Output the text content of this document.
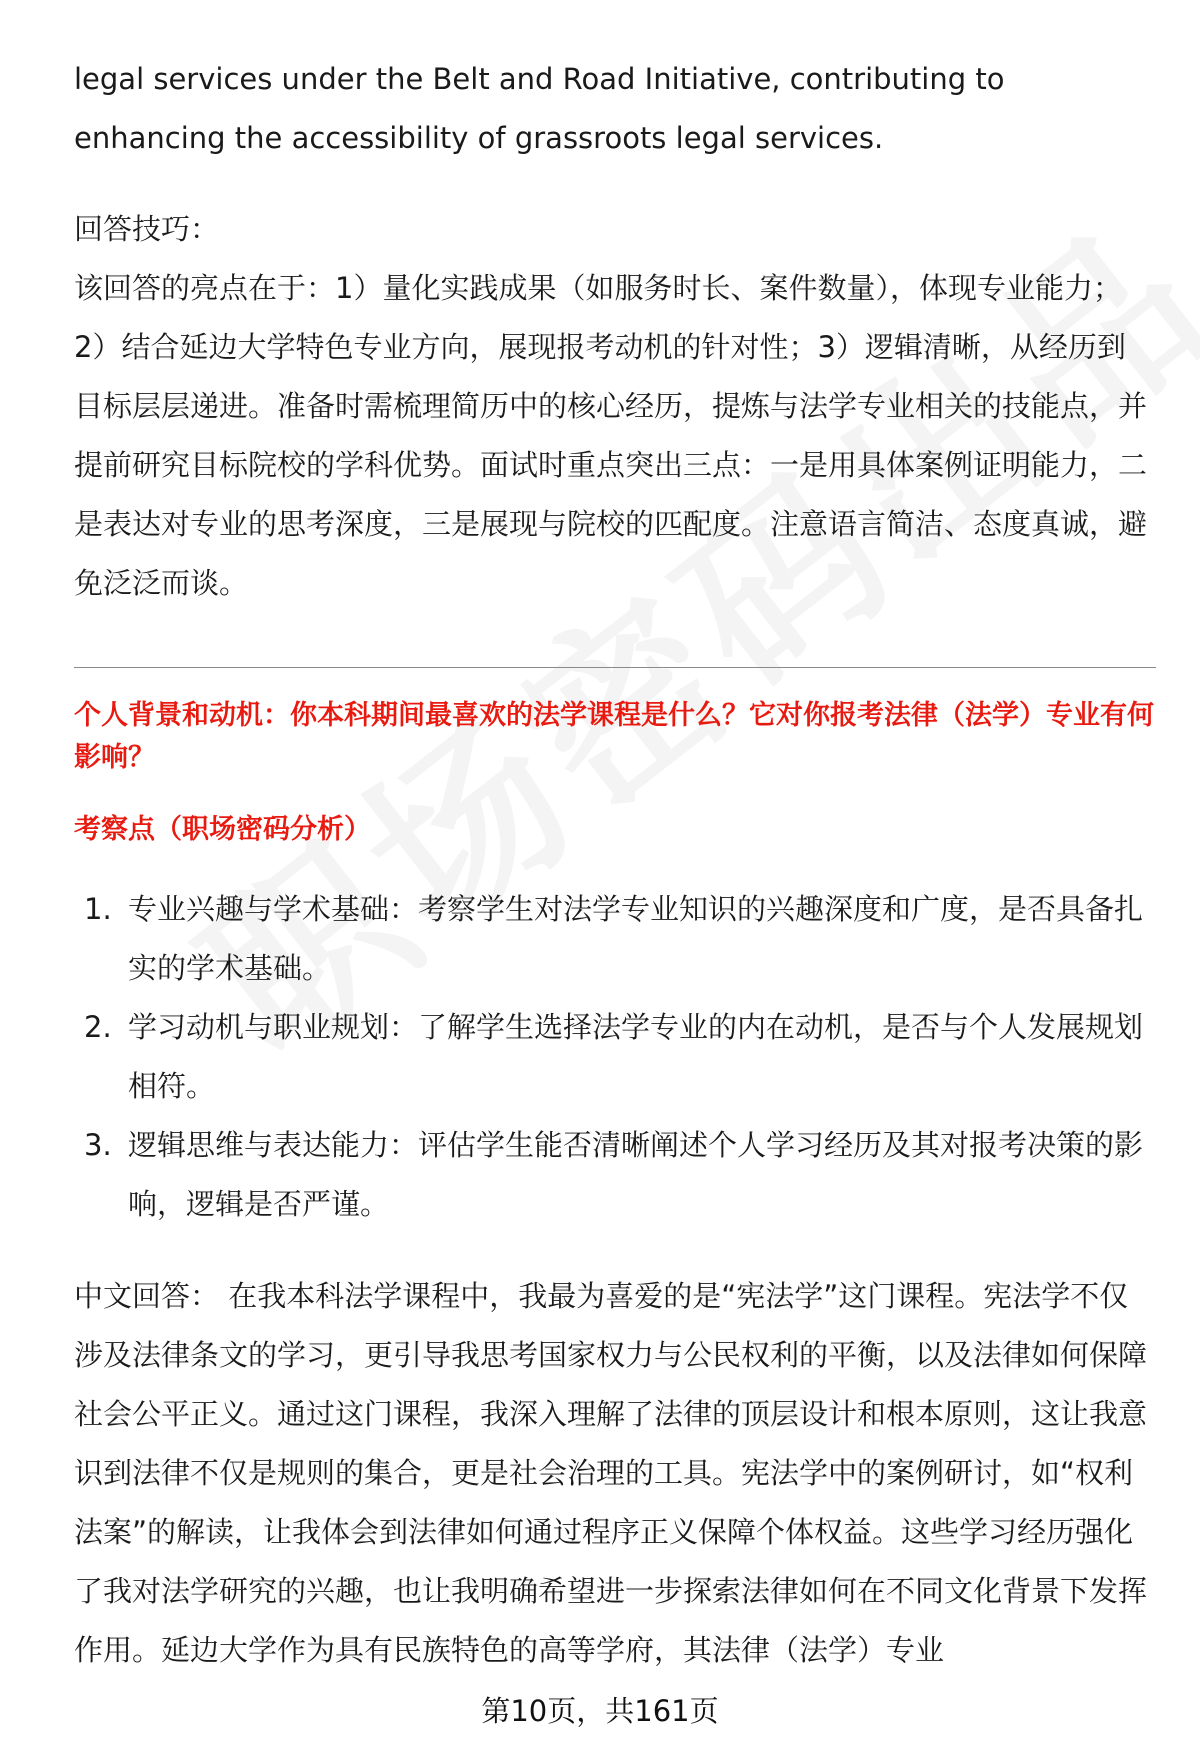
legal services under the Belt and Road Initiative, contributing to enhancing the accessibility of grassroots legal services.

回答技巧：

该回答的亮点在于：1）量化实践成果（如服务时长、案件数量），体现专业能力；2）结合延边大学特色专业方向，展现报考动机的针对性；3）逻辑清晰，从经历到目标层层递进。准备时需梳理简历中的核心经历，提炼与法学专业相关的技能点，并提前研究目标院校的学科优势。面试时重点突出三点：一是用具体案例证明能力，二是表达对专业的思考深度，三是展现与院校的匹配度。注意语言简洁、态度真诚，避免泛泛而谈。

个人背景和动机：你本科期间最喜欢的法学课程是什么？它对你报考法律（法学）专业有何影响？
考察点（职场密码分析）
1. 专业兴趣与学术基础：考察学生对法学专业知识的兴趣深度和广度，是否具备扎实的学术基础。
2. 学习动机与职业规划：了解学生选择法学专业的内在动机，是否与个人发展规划相符。
3. 逻辑思维与表达能力：评估学生能否清晰阐述个人学习经历及其对报考决策的影响，逻辑是否严谨。

中文回答： 在我本科法学课程中，我最为喜爱的是“宪法学”这门课程。宪法学不仅涉及法律条文的学习，更引导我思考国家权力与公民权利的平衡，以及法律如何保障社会公平正义。通过这门课程，我深入理解了法律的顶层设计和根本原则，这让我意识到法律不仅是规则的集合，更是社会治理的工具。宪法学中的案例研讨，如“权利法案”的解读，让我体会到法律如何通过程序正义保障个体权益。这些学习经历强化了我对法学研究的兴趣，也让我明确希望进一步探索法律如何在不同文化背景下发挥作用。延边大学作为具有民族特色的高等学府，其法律（法学）专业

第10页，共161页
